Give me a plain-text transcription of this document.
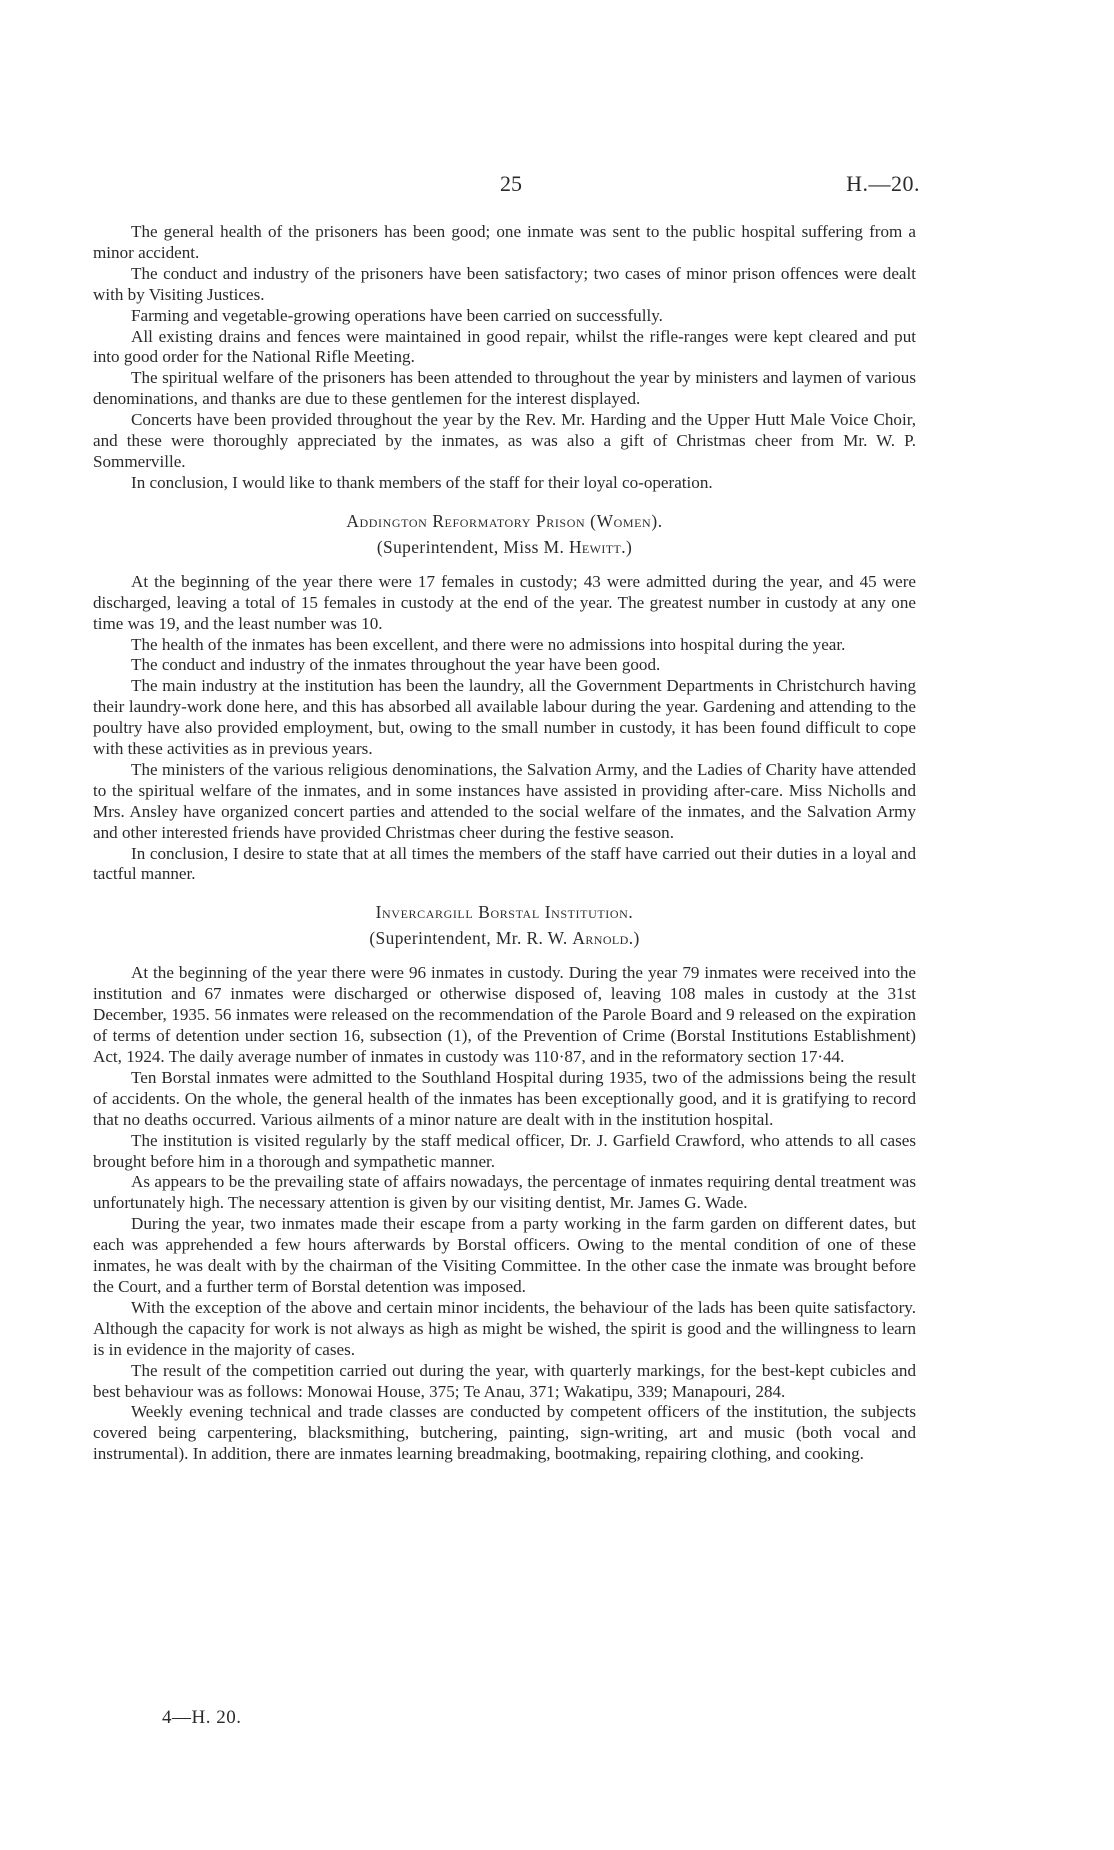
25	H.—20.

The general health of the prisoners has been good; one inmate was sent to the public hospital suffering from a minor accident.

The conduct and industry of the prisoners have been satisfactory; two cases of minor prison offences were dealt with by Visiting Justices.

Farming and vegetable-growing operations have been carried on successfully.

All existing drains and fences were maintained in good repair, whilst the rifle-ranges were kept cleared and put into good order for the National Rifle Meeting.

The spiritual welfare of the prisoners has been attended to throughout the year by ministers and laymen of various denominations, and thanks are due to these gentlemen for the interest displayed.

Concerts have been provided throughout the year by the Rev. Mr. Harding and the Upper Hutt Male Voice Choir, and these were thoroughly appreciated by the inmates, as was also a gift of Christmas cheer from Mr. W. P. Sommerville.

In conclusion, I would like to thank members of the staff for their loyal co-operation.

Addington Reformatory Prison (Women).
(Superintendent, Miss M. Hewitt.)

At the beginning of the year there were 17 females in custody; 43 were admitted during the year, and 45 were discharged, leaving a total of 15 females in custody at the end of the year. The greatest number in custody at any one time was 19, and the least number was 10.

The health of the inmates has been excellent, and there were no admissions into hospital during the year.

The conduct and industry of the inmates throughout the year have been good.

The main industry at the institution has been the laundry, all the Government Departments in Christchurch having their laundry-work done here, and this has absorbed all available labour during the year. Gardening and attending to the poultry have also provided employment, but, owing to the small number in custody, it has been found difficult to cope with these activities as in previous years.

The ministers of the various religious denominations, the Salvation Army, and the Ladies of Charity have attended to the spiritual welfare of the inmates, and in some instances have assisted in providing after-care. Miss Nicholls and Mrs. Ansley have organized concert parties and attended to the social welfare of the inmates, and the Salvation Army and other interested friends have provided Christmas cheer during the festive season.

In conclusion, I desire to state that at all times the members of the staff have carried out their duties in a loyal and tactful manner.

Invercargill Borstal Institution.
(Superintendent, Mr. R. W. Arnold.)

At the beginning of the year there were 96 inmates in custody. During the year 79 inmates were received into the institution and 67 inmates were discharged or otherwise disposed of, leaving 108 males in custody at the 31st December, 1935. 56 inmates were released on the recommendation of the Parole Board and 9 released on the expiration of terms of detention under section 16, subsection (1), of the Prevention of Crime (Borstal Institutions Establishment) Act, 1924. The daily average number of inmates in custody was 110·87, and in the reformatory section 17·44.

Ten Borstal inmates were admitted to the Southland Hospital during 1935, two of the admissions being the result of accidents. On the whole, the general health of the inmates has been exceptionally good, and it is gratifying to record that no deaths occurred. Various ailments of a minor nature are dealt with in the institution hospital.

The institution is visited regularly by the staff medical officer, Dr. J. Garfield Crawford, who attends to all cases brought before him in a thorough and sympathetic manner.

As appears to be the prevailing state of affairs nowadays, the percentage of inmates requiring dental treatment was unfortunately high. The necessary attention is given by our visiting dentist, Mr. James G. Wade.

During the year, two inmates made their escape from a party working in the farm garden on different dates, but each was apprehended a few hours afterwards by Borstal officers. Owing to the mental condition of one of these inmates, he was dealt with by the chairman of the Visiting Committee. In the other case the inmate was brought before the Court, and a further term of Borstal detention was imposed.

With the exception of the above and certain minor incidents, the behaviour of the lads has been quite satisfactory. Although the capacity for work is not always as high as might be wished, the spirit is good and the willingness to learn is in evidence in the majority of cases.

The result of the competition carried out during the year, with quarterly markings, for the best-kept cubicles and best behaviour was as follows: Monowai House, 375; Te Anau, 371; Wakatipu, 339; Manapouri, 284.

Weekly evening technical and trade classes are conducted by competent officers of the institution, the subjects covered being carpentering, blacksmithing, butchering, painting, sign-writing, art and music (both vocal and instrumental). In addition, there are inmates learning breadmaking, bootmaking, repairing clothing, and cooking.

4—H. 20.
